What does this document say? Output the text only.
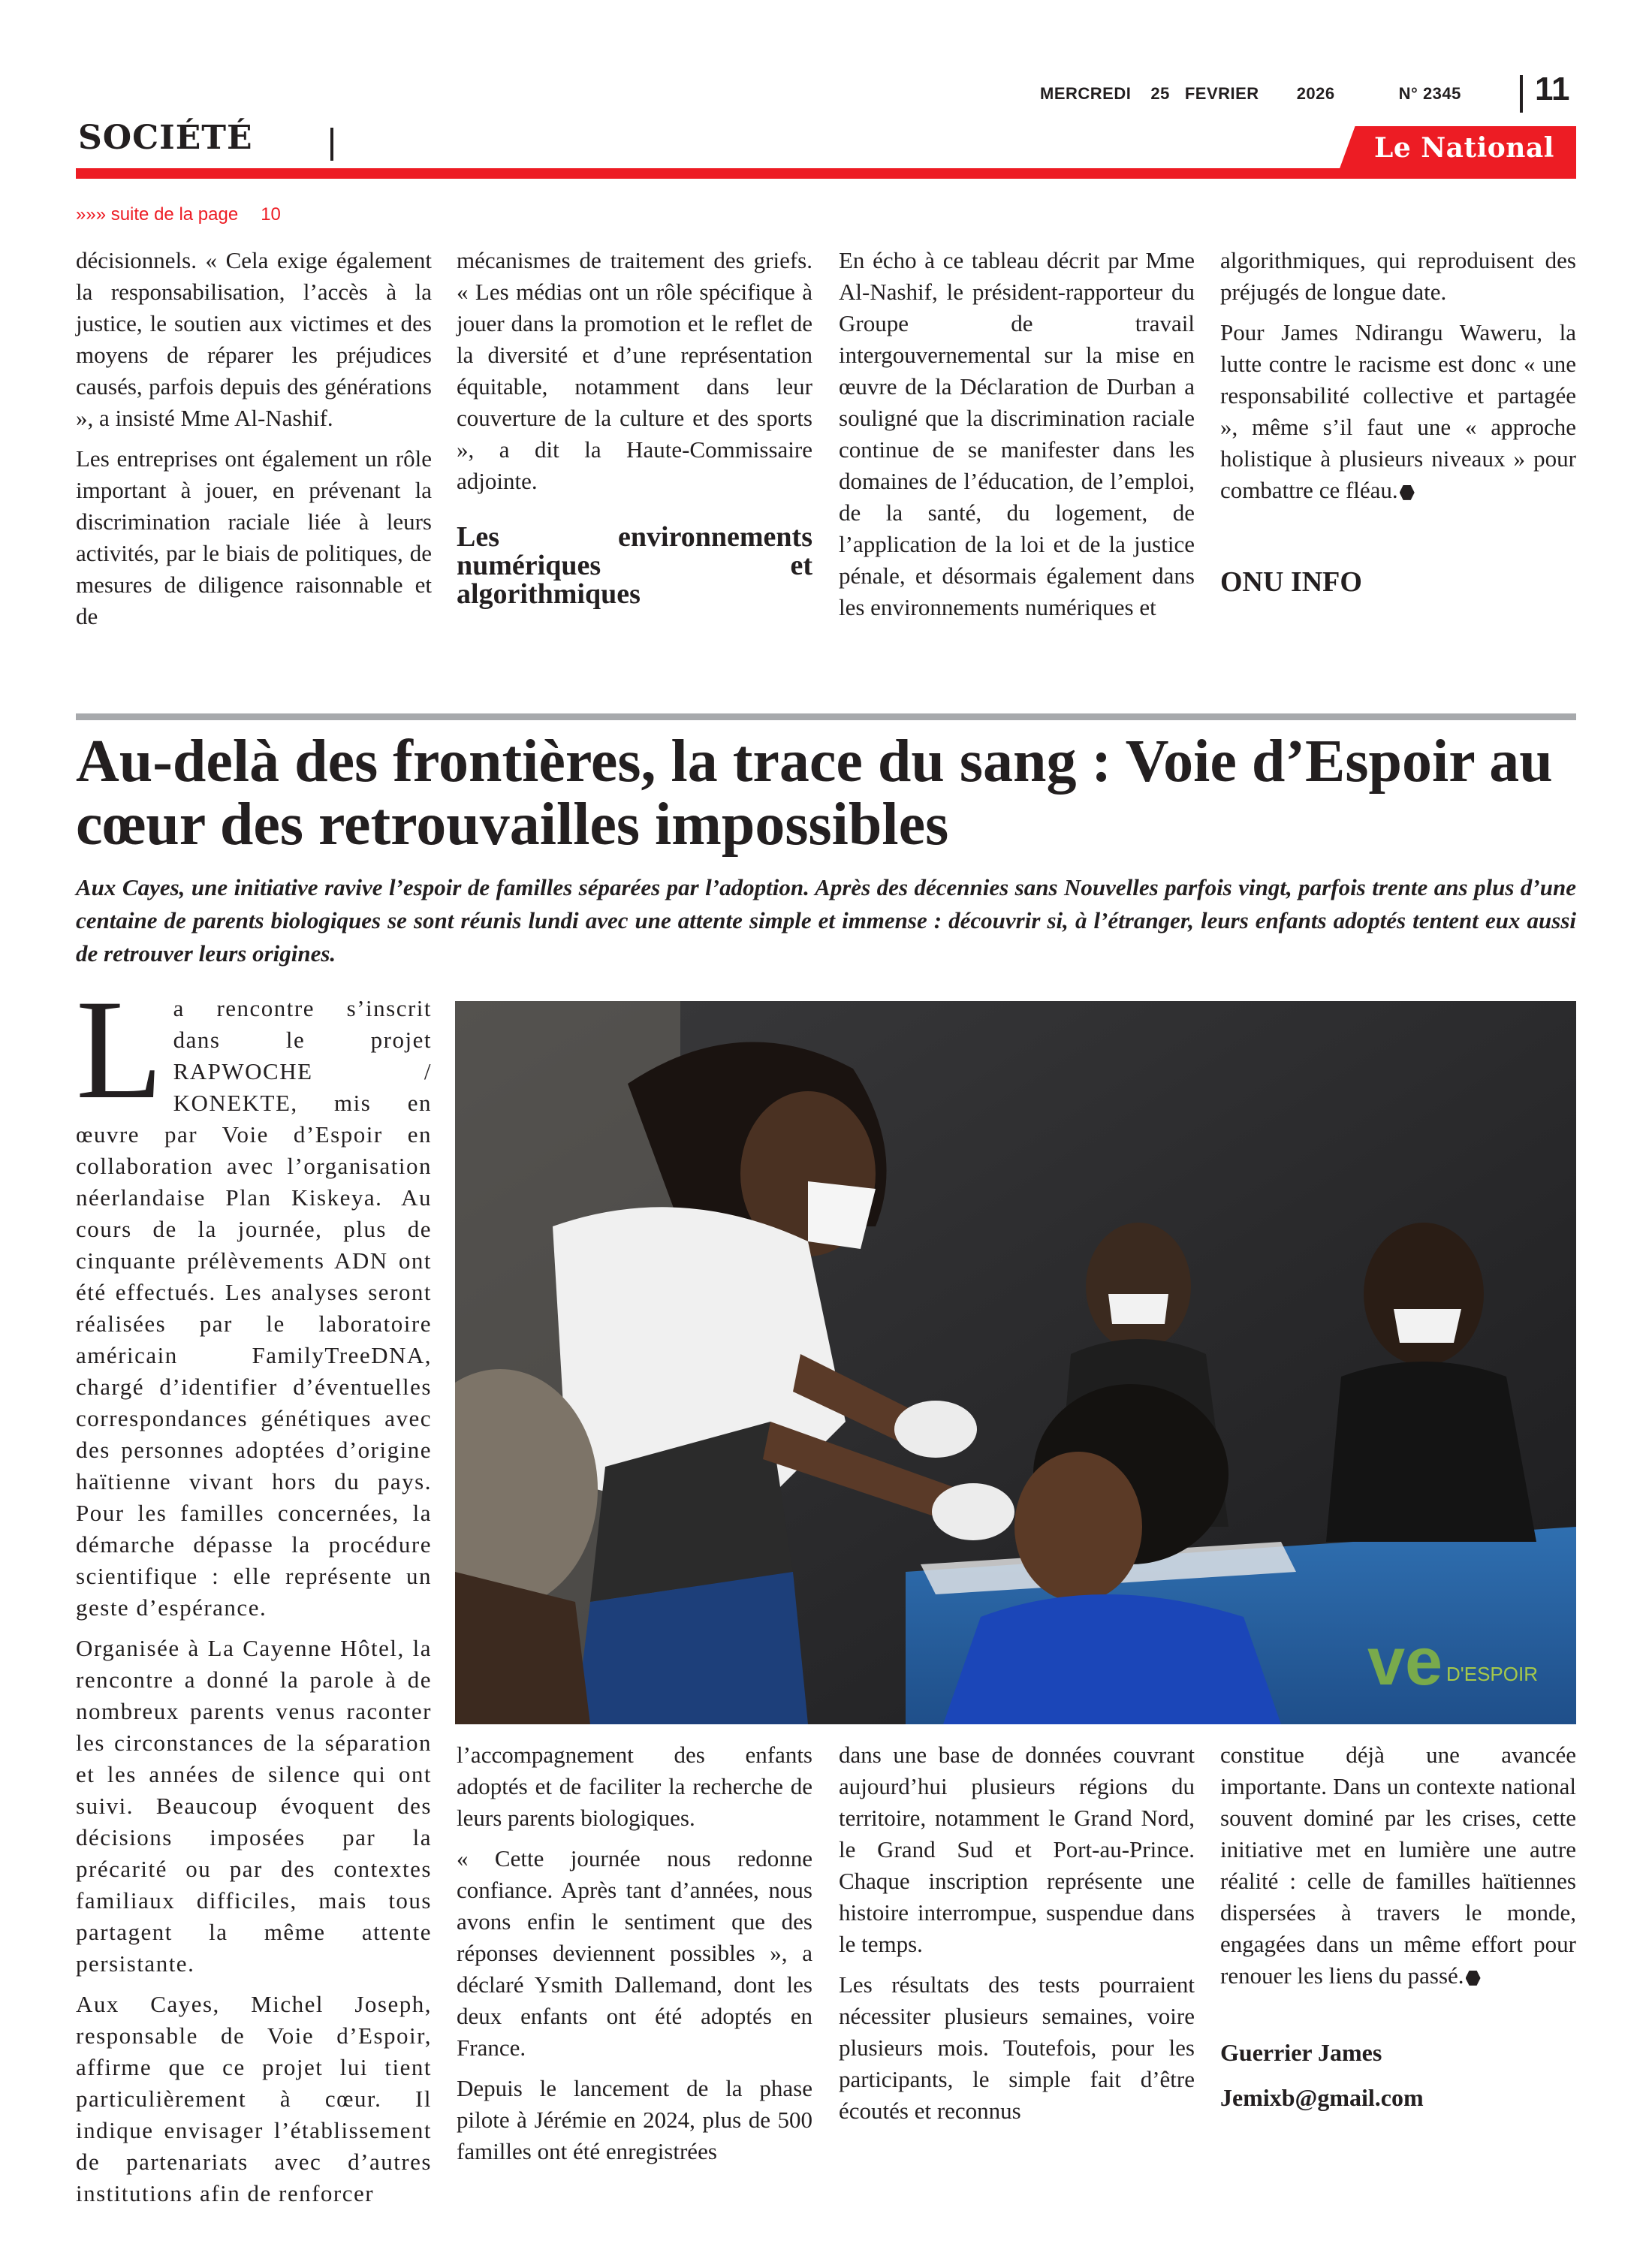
MERCREDI 25 FEVRIER 2026	N° 2345 11
SOCIÉTÉ	Le National
»»» suite de la page 10

décisionnels. « Cela exige également la responsabilisation, l’accès à la justice, le soutien aux victimes et des moyens de réparer les préjudices causés, parfois depuis des générations », a insisté Mme Al-Nashif.

Les entreprises ont également un rôle important à jouer, en prévenant la discrimination raciale liée à leurs activités, par le biais de politiques, de mesures de diligence raisonnable et de

mécanismes de traitement des griefs. « Les médias ont un rôle spécifique à jouer dans la promotion et le reflet de la diversité et d’une représentation équitable, notamment dans leur couverture de la culture et des sports », a dit la Haute-Commissaire adjointe.

Les environnements numériques et algorithmiques

En écho à ce tableau décrit par Mme Al-Nashif, le président-rapporteur du Groupe de travail intergouvernemental sur la mise en œuvre de la Déclaration de Durban a souligné que la discrimination raciale continue de se manifester dans les domaines de l’éducation, de l’emploi, de la santé, du logement, de l’application de la loi et de la justice pénale, et désormais également dans les environnements numériques et

algorithmiques, qui reproduisent des préjugés de longue date.

Pour James Ndirangu Waweru, la lutte contre le racisme est donc « une responsabilité collective et partagée », même s’il faut une « approche holistique à plusieurs niveaux » pour combattre ce fléau.

ONU INFO
Au-delà des frontières, la trace du sang : Voie d’Espoir au cœur des retrouvailles impossibles
Aux Cayes, une initiative ravive l’espoir de familles séparées par l’adoption. Après des décennies sans Nouvelles parfois vingt, parfois trente ans plus d’une centaine de parents biologiques se sont réunis lundi avec une attente simple et immense : découvrir si, à l’étranger, leurs enfants adoptés tentent eux aussi de retrouver leurs origines.
L a rencontre s’inscrit dans le projet RAPWOCHE / KONEKTE, mis en œuvre par Voie d’Espoir en collaboration avec l’organisation néerlandaise Plan Kiskeya. Au cours de la journée, plus de cinquante prélèvements ADN ont été effectués. Les analyses seront réalisées par le laboratoire américain FamilyTreeDNA, chargé d’identifier d’éventuelles correspondances génétiques avec des personnes adoptées d’origine haïtienne vivant hors du pays. Pour les familles concernées, la démarche dépasse la procédure scientifique : elle représente un geste d’espérance.

Organisée à La Cayenne Hôtel, la rencontre a donné la parole à de nombreux parents venus raconter les circonstances de la séparation et les années de silence qui ont suivi. Beaucoup évoquent des décisions imposées par la précarité ou par des contextes familiaux difficiles, mais tous partagent la même attente persistante.

Aux Cayes, Michel Joseph, responsable de Voie d’Espoir, affirme que ce projet lui tient particulièrement à cœur. Il indique envisager l’établissement de partenariats avec d’autres institutions afin de renforcer

D'ESPOIR
ve

l’accompagnement des enfants adoptés et de faciliter la recherche de leurs parents biologiques.

« Cette journée nous redonne confiance. Après tant d’années, nous avons enfin le sentiment que des réponses deviennent possibles », a déclaré Ysmith Dallemand, dont les deux enfants ont été adoptés en France.

Depuis le lancement de la phase pilote à Jérémie en 2024, plus de 500 familles ont été enregistrées

dans une base de données couvrant aujourd’hui plusieurs régions du territoire, notamment le Grand Nord, le Grand Sud et Port-au-Prince. Chaque inscription représente une histoire interrompue, suspendue dans le temps.

Les résultats des tests pourraient nécessiter plusieurs semaines, voire plusieurs mois. Toutefois, pour les participants, le simple fait d’être écoutés et reconnus

constitue déjà une avancée importante. Dans un contexte national souvent dominé par les crises, cette initiative met en lumière une autre réalité : celle de familles haïtiennes dispersées à travers le monde, engagées dans un même effort pour renouer les liens du passé.

Guerrier James
Jemixb@gmail.com
